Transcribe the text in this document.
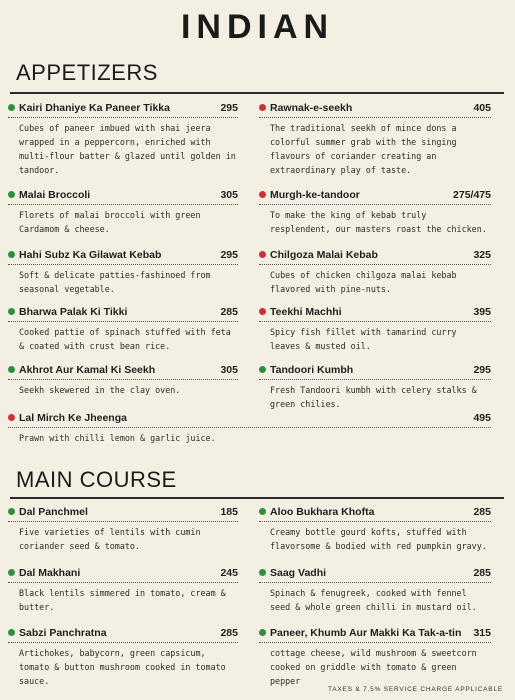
INDIAN
APPETIZERS
Kairi Dhaniye Ka Paneer Tikka	295
Cubes of paneer imbued with shai jeera wrapped in a peppercorn, enriched with multi-flour batter & glazed until golden in tandoor.
Rawnak-e-seekh	405
The traditional seekh of mince dons a colorful summer grab with the singing flavours of coriander creating an extraordinary play of taste.
Malai Broccoli	305
Florets of malai broccoli with green Cardamom & cheese.
Murgh-ke-tandoor	275/475
To make the king of kebab truly resplendent, our masters roast the chicken.
Hahi Subz Ka Gilawat Kebab	295
Soft & delicate patties-fashinoed from seasonal vegetable.
Chilgoza Malai Kebab	325
Cubes of chicken chilgoza malai kebab flavored with pine-nuts.
Bharwa Palak Ki Tikki	285
Cooked pattie of spinach stuffed with feta & coated with crust bean rice.
Teekhi Machhi	395
Spicy fish fillet with tamarind curry leaves & musted oil.
Akhrot Aur Kamal Ki Seekh	305
Seekh skewered in the clay oven.
Tandoori Kumbh	295
Fresh Tandoori kumbh with celery stalks & green chilies.
Lal Mirch Ke Jheenga	495
Prawn with chilli lemon & garlic juice.
MAIN COURSE
Dal Panchmel	185
Five varieties of lentils with cumin coriander seed & tomato.
Aloo Bukhara Khofta	285
Creamy bottle gourd kofts, stuffed with flavorsome & bodied with red pumpkin gravy.
Dal Makhani	245
Black lentils simmered in tomato, cream & butter.
Saag Vadhi	285
Spinach & fenugreek, cooked with fennel seed & whole green chilli in mustard oil.
Sabzi Panchratna	285
Artichokes, babycorn, green capsicum, tomato & button mushroom cooked in tomato sauce.
Paneer, Khumb Aur Makki Ka Tak-a-tin 315
cottage cheese, wild mushroom & sweetcorn cooked on griddle with tomato & green pepper
TAXES & 7.5% SERVICE CHARGE APPLICABLE
